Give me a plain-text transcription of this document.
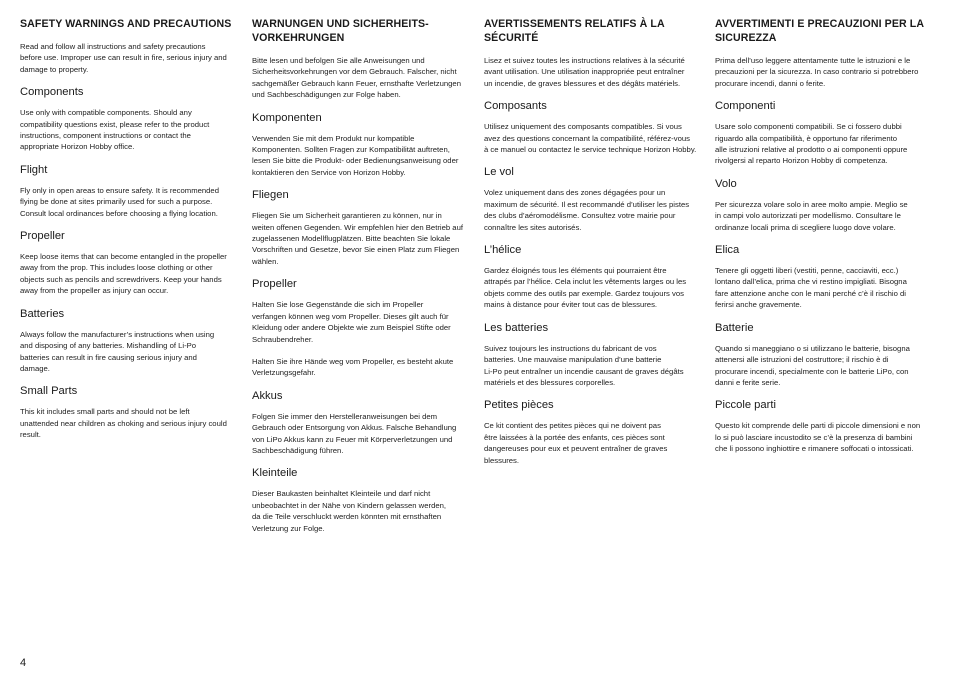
SAFETY WARNINGS AND PRECAUTIONS

Read and follow all instructions and safety precautions
before use. Improper use can result in fire, serious injury and
damage to property.

Components

Use only with compatible components. Should any
compatibility questions exist, please refer to the product
instructions, component instructions or contact the
appropriate Horizon Hobby office.

Flight

Fly only in open areas to ensure safety. It is recommended
flying be done at sites primarily used for such a purpose.
Consult local ordinances before choosing a flying location.

Propeller

Keep loose items that can become entangled in the propeller
away from the prop. This includes loose clothing or other
objects such as pencils and screwdrivers. Keep your hands
away from the propeller as injury can occur.

Batteries

Always follow the manufacturer’s instructions when using
and disposing of any batteries. Mishandling of Li-Po
batteries can result in fire causing serious injury and
damage.

Small Parts

This kit includes small parts and should not be left
unattended near children as choking and serious injury could
result.

WARNUNGEN UND SICHERHEITS-
VORKEHRUNGEN

Bitte lesen und befolgen Sie alle Anweisungen und
Sicherheitsvorkehrungen vor dem Gebrauch. Falscher, nicht
sachgemäßer Gebrauch kann Feuer, ernsthafte Verletzungen
und Sachbeschädigungen zur Folge haben.

Komponenten

Verwenden Sie mit dem Produkt nur kompatible
Komponenten. Sollten Fragen zur Kompatibilität auftreten,
lesen Sie bitte die Produkt- oder Bedienungsanweisung oder
kontaktieren den Service von Horizon Hobby.

Fliegen

Fliegen Sie um Sicherheit garantieren zu können, nur in
weiten offenen Gegenden. Wir empfehlen hier den Betrieb auf
zugelassenen Modellflugplätzen. Bitte beachten Sie lokale
Vorschriften und Gesetze, bevor Sie einen Platz zum Fliegen
wählen.

Propeller

Halten Sie lose Gegenstände die sich im Propeller
verfangen können weg vom Propeller. Dieses gilt auch für
Kleidung oder andere Objekte wie zum Beispiel Stifte oder
Schraubendreher.

Halten Sie ihre Hände weg vom Propeller, es besteht akute
Verletzungsgefahr.

Akkus

Folgen Sie immer den Herstelleranweisungen bei dem
Gebrauch oder Entsorgung von Akkus. Falsche Behandlung
von LiPo Akkus kann zu Feuer mit Körperverletzungen und
Sachbeschädigung führen.

Kleinteile

Dieser Baukasten beinhaltet Kleinteile und darf nicht
unbeobachtet in der Nähe von Kindern gelassen werden,
da die Teile verschluckt werden könnten mit ernsthaften
Verletzung zur Folge.

AVERTISSEMENTS RELATIFS À LA
SÉCURITÉ

Lisez et suivez toutes les instructions relatives à la sécurité
avant utilisation. Une utilisation inappropriée peut entraîner
un incendie, de graves blessures et des dégâts matériels.

Composants

Utilisez uniquement des composants compatibles. Si vous
avez des questions concernant la compatibilité, référez-vous
à ce manuel ou contactez le service technique Horizon Hobby.

Le vol

Volez uniquement dans des zones dégagées pour un
maximum de sécurité. Il est recommandé d’utiliser les pistes
des clubs d’aéromodélisme. Consultez votre mairie pour
connaître les sites autorisés.

L’hélice

Gardez éloignés tous les éléments qui pourraient être
attrapés par l’hélice. Cela inclut les vêtements larges ou les
objets comme des outils par exemple. Gardez toujours vos
mains à distance pour éviter tout cas de blessures.

Les batteries

Suivez toujours les instructions du fabricant de vos
batteries. Une mauvaise manipulation d’une batterie
Li-Po peut entraîner un incendie causant de graves dégâts
matériels et des blessures corporelles.

Petites pièces

Ce kit contient des petites pièces qui ne doivent pas
être laissées à la portée des enfants, ces pièces sont
dangereuses pour eux et peuvent entraîner de graves
blessures.

AVVERTIMENTI E PRECAUZIONI PER LA
SICUREZZA

Prima dell’uso leggere attentamente tutte le istruzioni e le
precauzioni per la sicurezza. In caso contrario si potrebbero
procurare incendi, danni o ferite.

Componenti

Usare solo componenti compatibili. Se ci fossero dubbi
riguardo alla compatibilità, è opportuno far riferimento
alle istruzioni relative al prodotto o ai componenti oppure
rivolgersi al reparto Horizon Hobby di competenza.

Volo

Per sicurezza volare solo in aree molto ampie. Meglio se
in campi volo autorizzati per modellismo. Consultare le
ordinanze locali prima di scegliere luogo dove volare.

Elica

Tenere gli oggetti liberi (vestiti, penne, cacciaviti, ecc.)
lontano dall’elica, prima che vi restino impigliati. Bisogna
fare attenzione anche con le mani perché c’è il rischio di
ferirsi anche gravemente.

Batterie

Quando si maneggiano o si utilizzano le batterie, bisogna
attenersi alle istruzioni del costruttore; il rischio è di
procurare incendi, specialmente con le batterie LiPo, con
danni e ferite serie.

Piccole parti

Questo kit comprende delle parti di piccole dimensioni e non
lo si può lasciare incustodito se c’è la presenza di bambini
che li possono inghiottire e rimanere soffocati o intossicati.

4
